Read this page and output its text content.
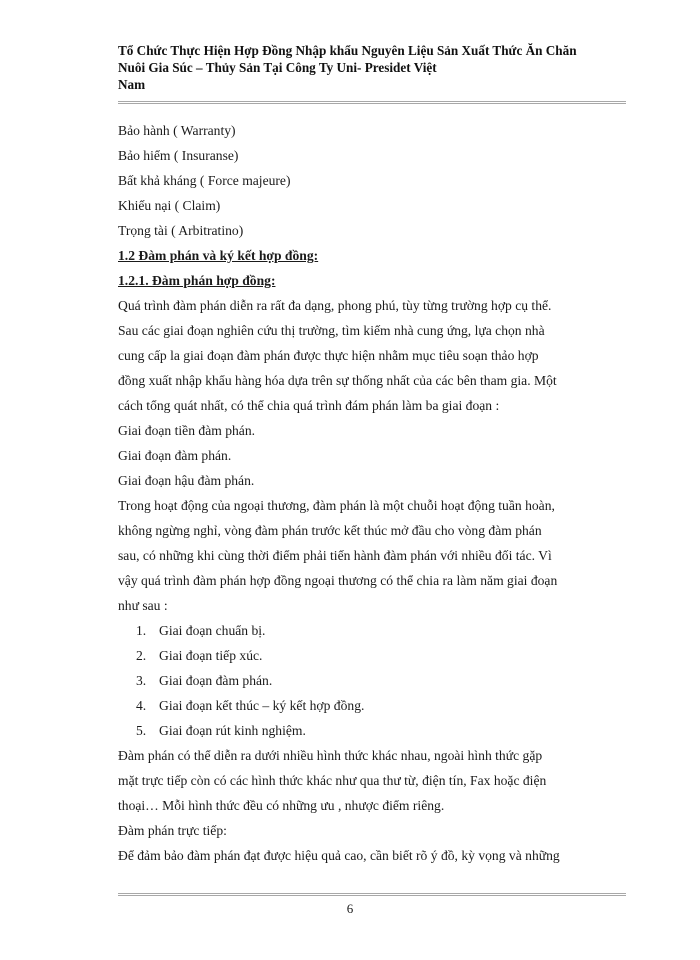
Tổ Chức Thực Hiện Hợp Đồng Nhập khẩu Nguyên Liệu Sản Xuất Thức Ăn Chăn
Nuôi Gia Súc – Thủy Sản Tại Công Ty Uni- Presidet Việt
Nam

Bảo hành ( Warranty)

Bảo hiểm ( Insuranse)

Bất khả kháng ( Force majeure)

Khiếu nại ( Claim)

Trọng tài ( Arbitratino)

1.2 Đàm phán và ký kết hợp đồng:

1.2.1. Đàm phán hợp đồng:

Quá trình đàm phán diễn ra rất đa dạng, phong phú, tùy từng trường hợp cụ thể.

Sau các giai đoạn nghiên cứu thị trường, tìm kiếm nhà cung ứng, lựa chọn nhà

cung cấp la giai đoạn đàm phán được thực hiện nhằm mục tiêu soạn thảo hợp

đồng xuất nhập khẩu hàng hóa dựa trên sự thống nhất của các bên tham gia. Một

cách tổng quát nhất, có thể chia quá trình đám phán làm ba giai đoạn :

Giai đoạn tiền đàm phán.

Giai đoạn đàm phán.

Giai đoạn hậu đàm phán.

Trong hoạt động của ngoại thương, đàm phán là một chuỗi hoạt động tuần hoàn,

không ngừng nghỉ, vòng đàm phán trước kết thúc mở đầu cho vòng đàm phán

sau, có những khi cùng thời điểm phải tiến hành đàm phán với nhiều đối tác. Vì

vậy quá trình đàm phán hợp đồng ngoại thương có thể chia ra làm năm giai đoạn

như sau :

1. Giai đoạn chuẩn bị.
2. Giai đoạn tiếp xúc.
3. Giai đoạn đàm phán.
4. Giai đoạn kết thúc – ký kết hợp đồng.
5. Giai đoạn rút kinh nghiệm.

Đàm phán có thể diễn ra dưới nhiều hình thức khác nhau, ngoài hình thức gặp

mặt trực tiếp còn có các hình thức khác như qua thư từ, điện tín, Fax hoặc điện

thoại… Mỗi hình thức đều có những ưu , nhược điểm riêng.

Đàm phán trực tiếp:

Để đảm bảo đàm phán đạt được hiệu quả cao, cần biết rõ ý đồ, kỳ vọng và những

6
